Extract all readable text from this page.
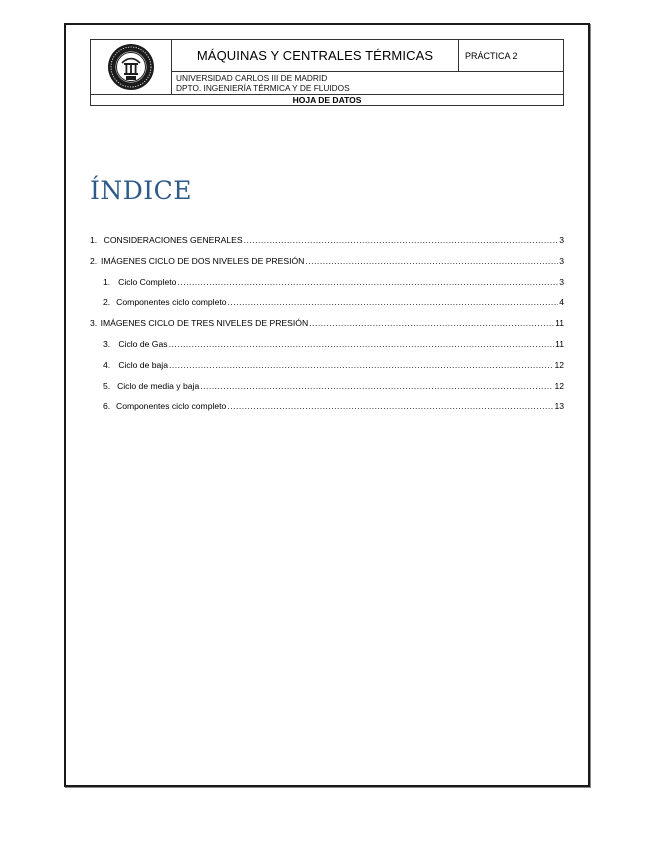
	MÁQUINAS Y CENTRALES TÉRMICAS	PRÁCTICA 2

UNIVERSIDAD CARLOS III DE MADRID
DPTO. INGENIERÍA TÉRMICA Y DE FLUIDOS

HOJA DE DATOS
ÍNDICE
1. CONSIDERACIONES GENERALES .....	3
2. IMÁGENES CICLO DE DOS NIVELES DE PRESIÓN .....	3
1. Ciclo Completo .....	3
2. Componentes ciclo completo .....	4
3. IMÁGENES CICLO DE TRES NIVELES DE PRESIÓN .....	11
3. Ciclo de Gas .....	11
4. Ciclo de baja .....	12
5. Ciclo de media y baja .....	12
6. Componentes ciclo completo .....	13
